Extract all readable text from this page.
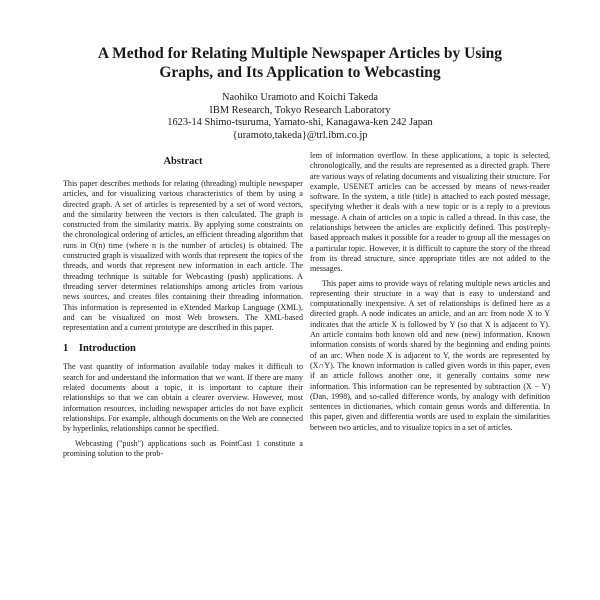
A Method for Relating Multiple Newspaper Articles by Using
Graphs, and Its Application to Webcasting
Naohiko Uramoto and Koichi Takeda
IBM Research, Tokyo Research Laboratory
1623-14 Shimo-tsuruma, Yamato-shi, Kanagawa-ken 242 Japan
{uramoto,takeda}@trl.ibm.co.jp

Abstract

This paper describes methods for relating (threading) multiple newspaper articles, and for visualizing various characteristics of them by using a directed graph. A set of articles is represented by a set of word vectors, and the similarity between the vectors is then calculated. The graph is constructed from the similarity matrix. By applying some constraints on the chronological ordering of articles, an efficient threading algorithm that runs in O(n) time (where n is the number of articles) is obtained. The constructed graph is visualized with words that represent the topics of the threads, and words that represent new information in each article. The threading technique is suitable for Webcasting (push) applications. A threading server determines relationships among articles from various news sources, and creates files containing their threading information. This information is represented in eXtended Markup Language (XML), and can be visualized on most Web browsers. The XML-based representation and a current prototype are described in this paper.

1 Introduction

The vast quantity of information available today makes it difficult to search for and understand the information that we want. If there are many related documents about a topic, it is important to capture their relationships so that we can obtain a clearer overview. However, most information resources, including newspaper articles do not have explicit relationships. For example, although documents on the Web are connected by hyperlinks, relationships cannot be specified.

Webcasting ("push") applications such as PointCast 1 constitute a promising solution to the prob-

lem of information overflow. In these applications, a topic is selected, chronologically, and the results are represented as a directed graph. There are various ways of relating documents and visualizing their structure. For example, USENET articles can be accessed by means of news-reader software. In the system, a title (title) is attached to each posted message, specifying whether it deals with a new topic or is a reply to a previous message. A chain of articles on a topic is called a thread. In this case, the relationships between the articles are explicitly defined. This post/reply-based approach makes it possible for a reader to group all the messages on a particular topic. However, it is difficult to capture the story of the thread from its thread structure, since appropriate titles are not added to the messages.

This paper aims to provide ways of relating multiple news articles and representing their structure in a way that is easy to understand and computationally inexpensive. A set of relationships is defined here as a directed graph. A node indicates an article, and an arc from node X to Y indicates that the article X is followed by Y (so that X is adjacent to Y). An article contains both known old and new (new) information. Known information consists of words shared by the beginning and ending points of an arc. When node X is adjacent to Y, the words are represented by (X∩Y). The known information is called given words in this paper, even if an article follows another one, it generally contains some new information. This information can be represented by subtraction (X − Y) (Dan, 1998), and so-called difference words, by analogy with definition sentences in dictionaries, which contain genus words and differentia. In this paper, given and differentia words are used to explain the similarities between two articles, and to visualize topics in a set of articles.
